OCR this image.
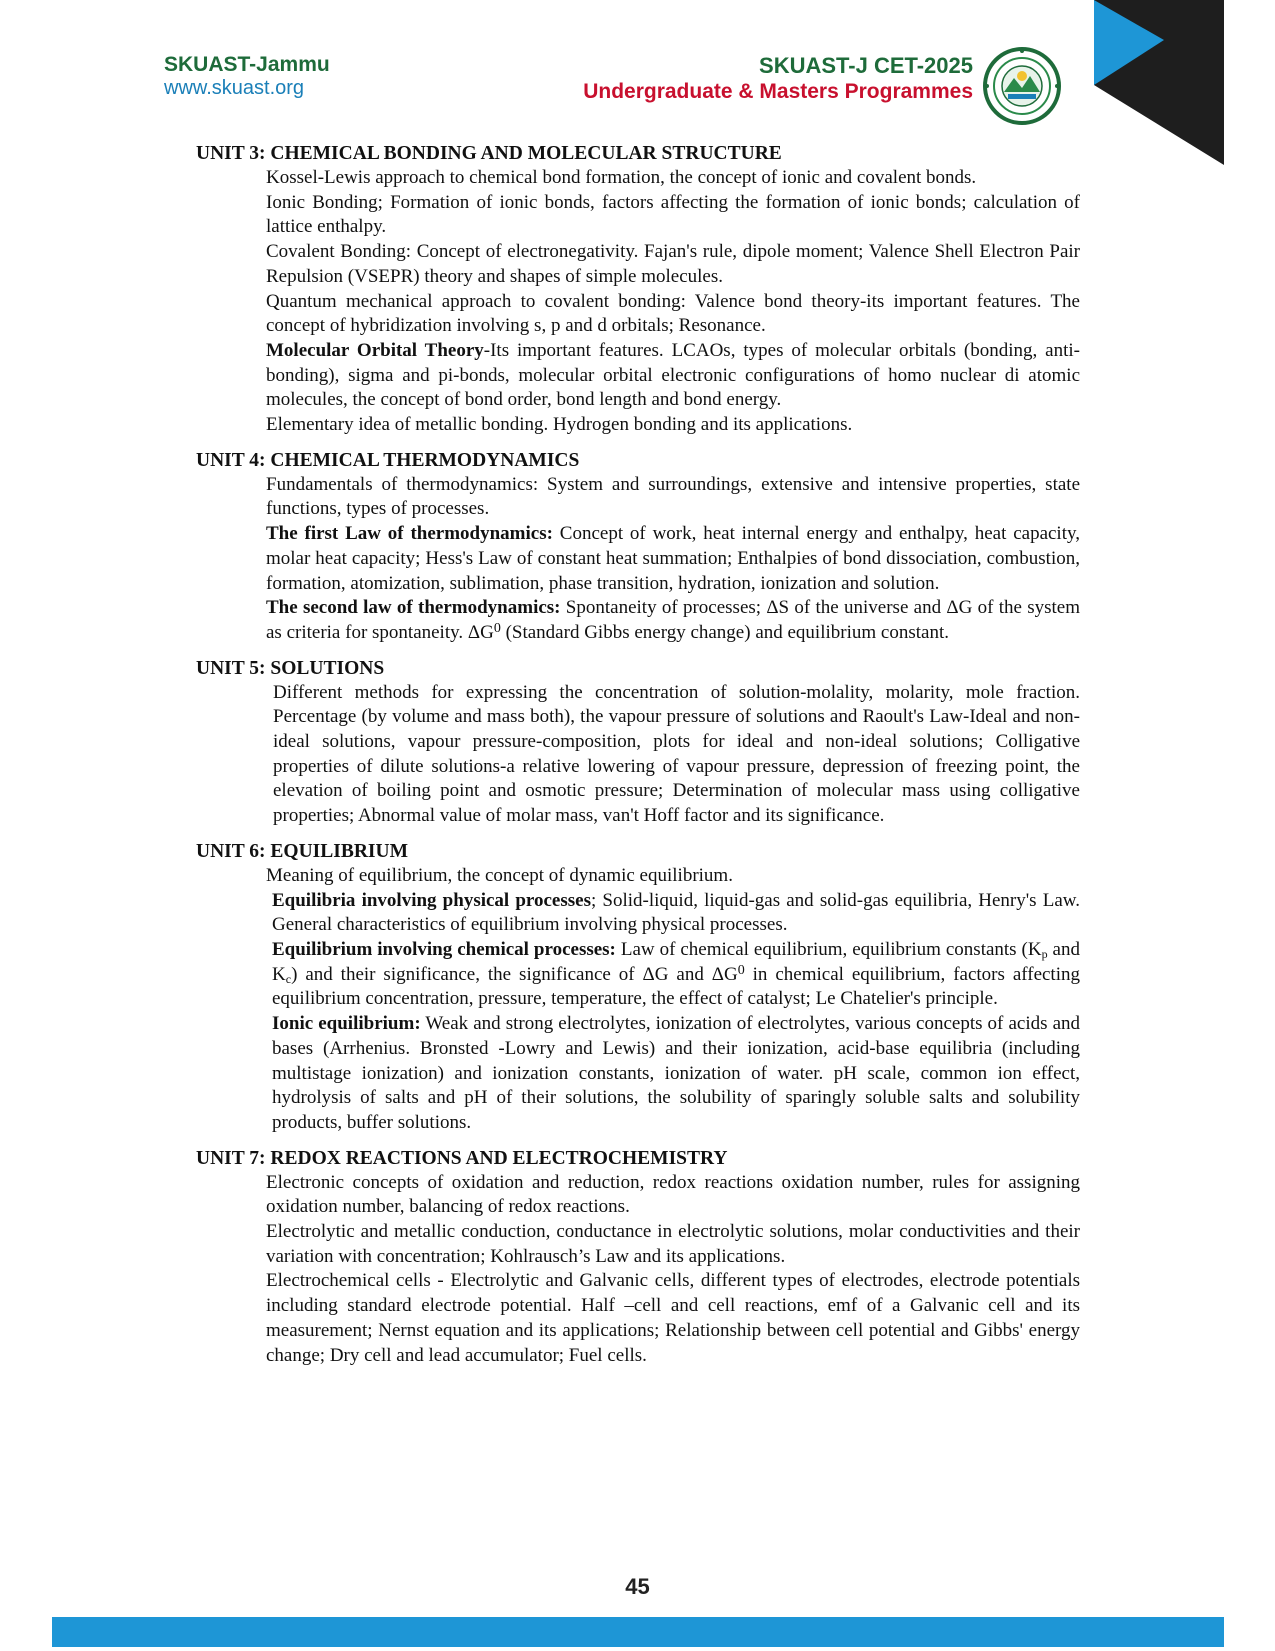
SKUAST-Jammu
www.skuast.org
SKUAST-J CET-2025
Undergraduate & Masters Programmes
UNIT 3: CHEMICAL BONDING AND MOLECULAR STRUCTURE
Kossel-Lewis approach to chemical bond formation, the concept of ionic and covalent bonds.
Ionic Bonding; Formation of ionic bonds, factors affecting the formation of ionic bonds; calculation of lattice enthalpy.
Covalent Bonding: Concept of electronegativity. Fajan's rule, dipole moment; Valence Shell Electron Pair Repulsion (VSEPR) theory and shapes of simple molecules.
Quantum mechanical approach to covalent bonding: Valence bond theory-its important features. The concept of hybridization involving s, p and d orbitals; Resonance.
Molecular Orbital Theory-Its important features. LCAOs, types of molecular orbitals (bonding, anti-bonding), sigma and pi-bonds, molecular orbital electronic configurations of homo nuclear di atomic molecules, the concept of bond order, bond length and bond energy.
Elementary idea of metallic bonding. Hydrogen bonding and its applications.
UNIT 4: CHEMICAL THERMODYNAMICS
Fundamentals of thermodynamics: System and surroundings, extensive and intensive properties, state functions, types of processes.
The first Law of thermodynamics: Concept of work, heat internal energy and enthalpy, heat capacity, molar heat capacity; Hess's Law of constant heat summation; Enthalpies of bond dissociation, combustion, formation, atomization, sublimation, phase transition, hydration, ionization and solution.
The second law of thermodynamics: Spontaneity of processes; ΔS of the universe and ΔG of the system as criteria for spontaneity. $\Delta G^0$ (Standard Gibbs energy change) and equilibrium constant.
UNIT 5: SOLUTIONS
Different methods for expressing the concentration of solution-molality, molarity, mole fraction. Percentage (by volume and mass both), the vapour pressure of solutions and Raoult's Law-Ideal and non-ideal solutions, vapour pressure-composition, plots for ideal and non-ideal solutions; Colligative properties of dilute solutions-a relative lowering of vapour pressure, depression of freezing point, the elevation of boiling point and osmotic pressure; Determination of molecular mass using colligative properties; Abnormal value of molar mass, van't Hoff factor and its significance.
UNIT 6: EQUILIBRIUM
Meaning of equilibrium, the concept of dynamic equilibrium.
Equilibria involving physical processes; Solid-liquid, liquid-gas and solid-gas equilibria, Henry's Law. General characteristics of equilibrium involving physical processes.
Equilibrium involving chemical processes: Law of chemical equilibrium, equilibrium constants ($K_p$ and $K_c$) and their significance, the significance of ΔG and $\Delta G^0$ in chemical equilibrium, factors affecting equilibrium concentration, pressure, temperature, the effect of catalyst; Le Chatelier's principle.
Ionic equilibrium: Weak and strong electrolytes, ionization of electrolytes, various concepts of acids and bases (Arrhenius. Bronsted -Lowry and Lewis) and their ionization, acid-base equilibria (including multistage ionization) and ionization constants, ionization of water. pH scale, common ion effect, hydrolysis of salts and pH of their solutions, the solubility of sparingly soluble salts and solubility products, buffer solutions.
UNIT 7: REDOX REACTIONS AND ELECTROCHEMISTRY
Electronic concepts of oxidation and reduction, redox reactions oxidation number, rules for assigning oxidation number, balancing of redox reactions.
Electrolytic and metallic conduction, conductance in electrolytic solutions, molar conductivities and their variation with concentration; Kohlrausch’s Law and its applications.
Electrochemical cells - Electrolytic and Galvanic cells, different types of electrodes, electrode potentials including standard electrode potential. Half –cell and cell reactions, emf of a Galvanic cell and its measurement; Nernst equation and its applications; Relationship between cell potential and Gibbs' energy change; Dry cell and lead accumulator; Fuel cells.
45
